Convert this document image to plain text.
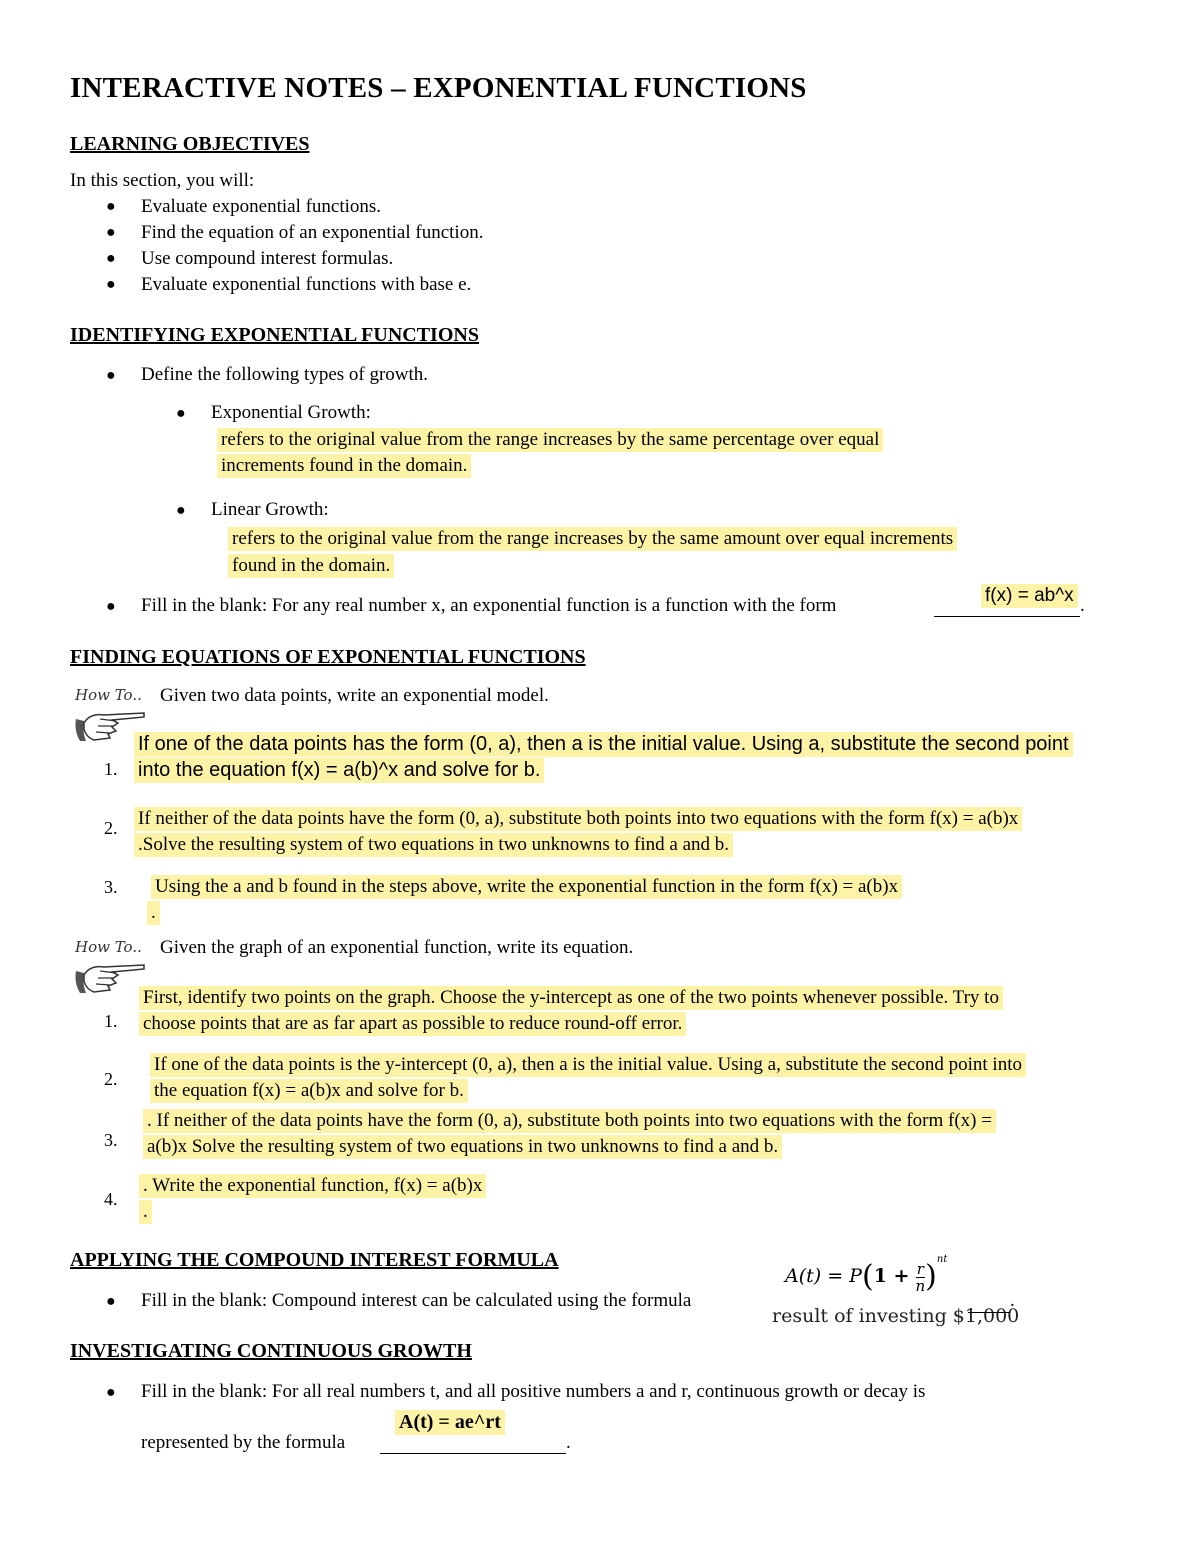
INTERACTIVE NOTES – EXPONENTIAL FUNCTIONS
LEARNING OBJECTIVES
In this section, you will:
● Evaluate exponential functions.
● Find the equation of an exponential function.
● Use compound interest formulas.
● Evaluate exponential functions with base e.
IDENTIFYING EXPONENTIAL FUNCTIONS
● Define the following types of growth.
● Exponential Growth:
refers to the original value from the range increases by the same percentage over equal
increments found in the domain.
● Linear Growth:
refers to the original value from the range increases by the same amount over equal increments
found in the domain.
● Fill in the blank: For any real number x, an exponential function is a function with the form	f(x) = ab^x .
FINDING EQUATIONS OF EXPONENTIAL FUNCTIONS
How To.. Given two data points, write an exponential model.
1.
If one of the data points has the form (0, a), then a is the initial value. Using a, substitute the second point
into the equation f(x) = a(b)^x and solve for b.
2. If neither of the data points have the form (0, a), substitute both points into two equations with the form f(x) = a(b)x
.Solve the resulting system of two equations in two unknowns to find a and b.
3. Using the a and b found in the steps above, write the exponential function in the form f(x) = a(b)x
.
How To.. Given the graph of an exponential function, write its equation.
1.
First, identify two points on the graph. Choose the y-intercept as one of the two points whenever possible. Try to
choose points that are as far apart as possible to reduce round-off error.
2.
If one of the data points is the y-intercept (0, a), then a is the initial value. Using a, substitute the second point into
the equation f(x) = a(b)x and solve for b.
3.
. If neither of the data points have the form (0, a), substitute both points into two equations with the form f(x) =
a(b)x Solve the resulting system of two equations in two unknowns to find a and b.
4.
. Write the exponential function, f(x) = a(b)x
.
APPLYING THE COMPOUND INTEREST FORMULA
$A(t) = P(1 + \frac{r}{n} )^{nt}$
● Fill in the blank: Compound interest can be calculated using the formula
result of investing $1,000
.
INVESTIGATING CONTINUOUS GROWTH
● Fill in the blank: For all real numbers t, and all positive numbers a and r, continuous growth or decay is
A(t) = ae^rt
represented by the formula	.
